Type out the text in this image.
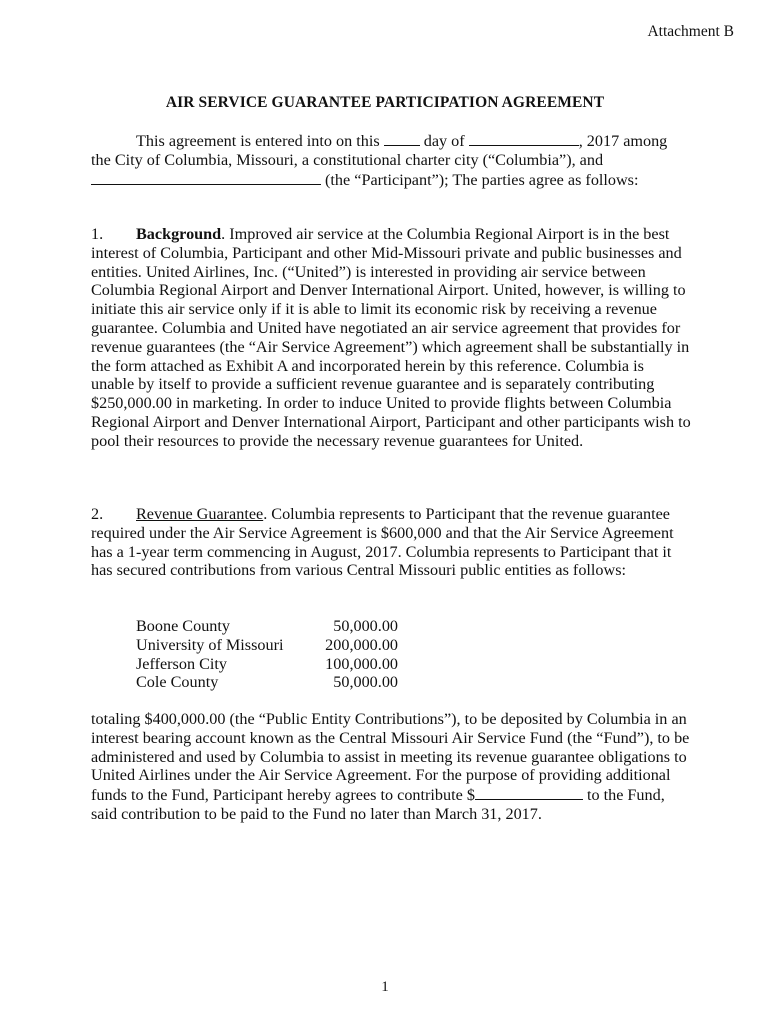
Attachment B
AIR SERVICE GUARANTEE PARTICIPATION AGREEMENT

This agreement is entered into on this  day of	, 2017 among the City of Columbia, Missouri, a constitutional charter city (“Columbia”), and  (the “Participant”); The parties agree as follows:

1. Background. Improved air service at the Columbia Regional Airport is in the best interest of Columbia, Participant and other Mid-Missouri private and public businesses and entities. United Airlines, Inc. (“United”) is interested in providing air service between Columbia Regional Airport and Denver International Airport. United, however, is willing to initiate this air service only if it is able to limit its economic risk by receiving a revenue guarantee. Columbia and United have negotiated an air service agreement that provides for revenue guarantees (the “Air Service Agreement”) which agreement shall be substantially in the form attached as Exhibit A and incorporated herein by this reference. Columbia is unable by itself to provide a sufficient revenue guarantee and is separately contributing $250,000.00 in marketing. In order to induce United to provide flights between Columbia Regional Airport and Denver International Airport, Participant and other participants wish to pool their resources to provide the necessary revenue guarantees for United.

2. Revenue Guarantee. Columbia represents to Participant that the revenue guarantee required under the Air Service Agreement is $600,000 and that the Air Service Agreement has a 1-year term commencing in August, 2017. Columbia represents to Participant that it has secured contributions from various Central Missouri public entities as follows:

Boone County	50,000.00
University of Missouri	200,000.00
Jefferson City	100,000.00
Cole County	50,000.00

totaling $400,000.00 (the “Public Entity Contributions”), to be deposited by Columbia in an interest bearing account known as the Central Missouri Air Service Fund (the “Fund”), to be administered and used by Columbia to assist in meeting its revenue guarantee obligations to United Airlines under the Air Service Agreement. For the purpose of providing additional funds to the Fund, Participant hereby agrees to contribute $	to the Fund, said contribution to be paid to the Fund no later than March 31, 2017.

1
